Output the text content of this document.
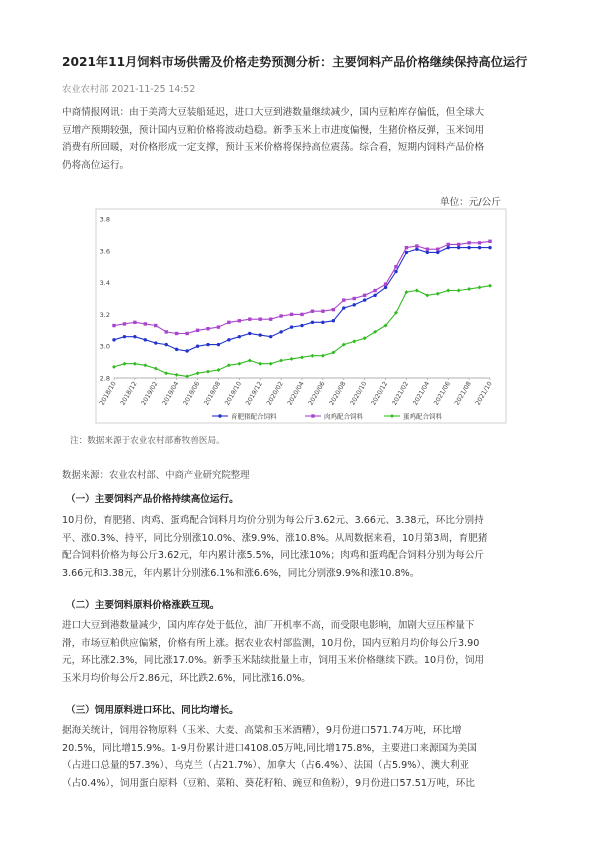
2021年11月饲料市场供需及价格走势预测分析：主要饲料产品价格继续保持高位运行
农业农村部 2021-11-25 14:52

中商情报网讯：由于美湾大豆装船延迟，进口大豆到港数量继续减少，国内豆粕库存偏低，但全球大

豆增产预期较强，预计国内豆粕价格将波动趋稳。新季玉米上市进度偏慢，生猪价格反弹，玉米饲用

消费有所回暖，对价格形成一定支撑，预计玉米价格将保持高位震荡。综合看，短期内饲料产品价格

仍将高位运行。

单位：元/公斤
2.8
3.0
3.2
3.4
3.6
3.8
2018/10 2018/12 2019/02 2019/04 2019/06 2019/08 2019/10 2019/12 2020/02 2020/04 2020/06 2020/08 2020/10 2020/12 2021/02 2021/04 2021/06 2021/08 2021/10
育肥猪配合饲料	肉鸡配合饲料	蛋鸡配合饲料
注：数据来源于农业农村部畜牧兽医局。
数据来源：农业农村部、中商产业研究院整理
（一）主要饲料产品价格持续高位运行。

10月份，育肥猪、肉鸡、蛋鸡配合饲料月均价分别为每公斤3.62元、3.66元、3.38元，环比分别持

平、涨0.3%、持平，同比分别涨10.0%、涨9.9%、涨10.8%。从周数据来看，10月第3周，育肥猪

配合饲料价格为每公斤3.62元，年内累计涨5.5%，同比涨10%；肉鸡和蛋鸡配合饲料分别为每公斤

3.66元和3.38元，年内累计分别涨6.1%和涨6.6%，同比分别涨9.9%和涨10.8%。

（二）主要饲料原料价格涨跌互现。

进口大豆到港数量减少，国内库存处于低位，油厂开机率不高，而受限电影响，加剧大豆压榨量下

滑，市场豆粕供应偏紧，价格有所上涨。据农业农村部监测，10月份，国内豆粕月均价每公斤3.90

元，环比涨2.3%，同比涨17.0%。新季玉米陆续批量上市，饲用玉米价格继续下跌。10月份，饲用

玉米月均价每公斤2.86元，环比跌2.6%，同比涨16.0%。

（三）饲用原料进口环比、同比均增长。

据海关统计，饲用谷物原料（玉米、大麦、高粱和玉米酒糟），9月份进口571.74万吨，环比增

20.5%，同比增15.9%。1-9月份累计进口4108.05万吨,同比增175.8%，主要进口来源国为美国

（占进口总量的57.3%）、乌克兰（占21.7%）、加拿大（占6.4%）、法国（占5.9%）、澳大利亚

（占0.4%），饲用蛋白原料（豆粕、菜粕、葵花籽粕、豌豆和鱼粉），9月份进口57.51万吨，环比
